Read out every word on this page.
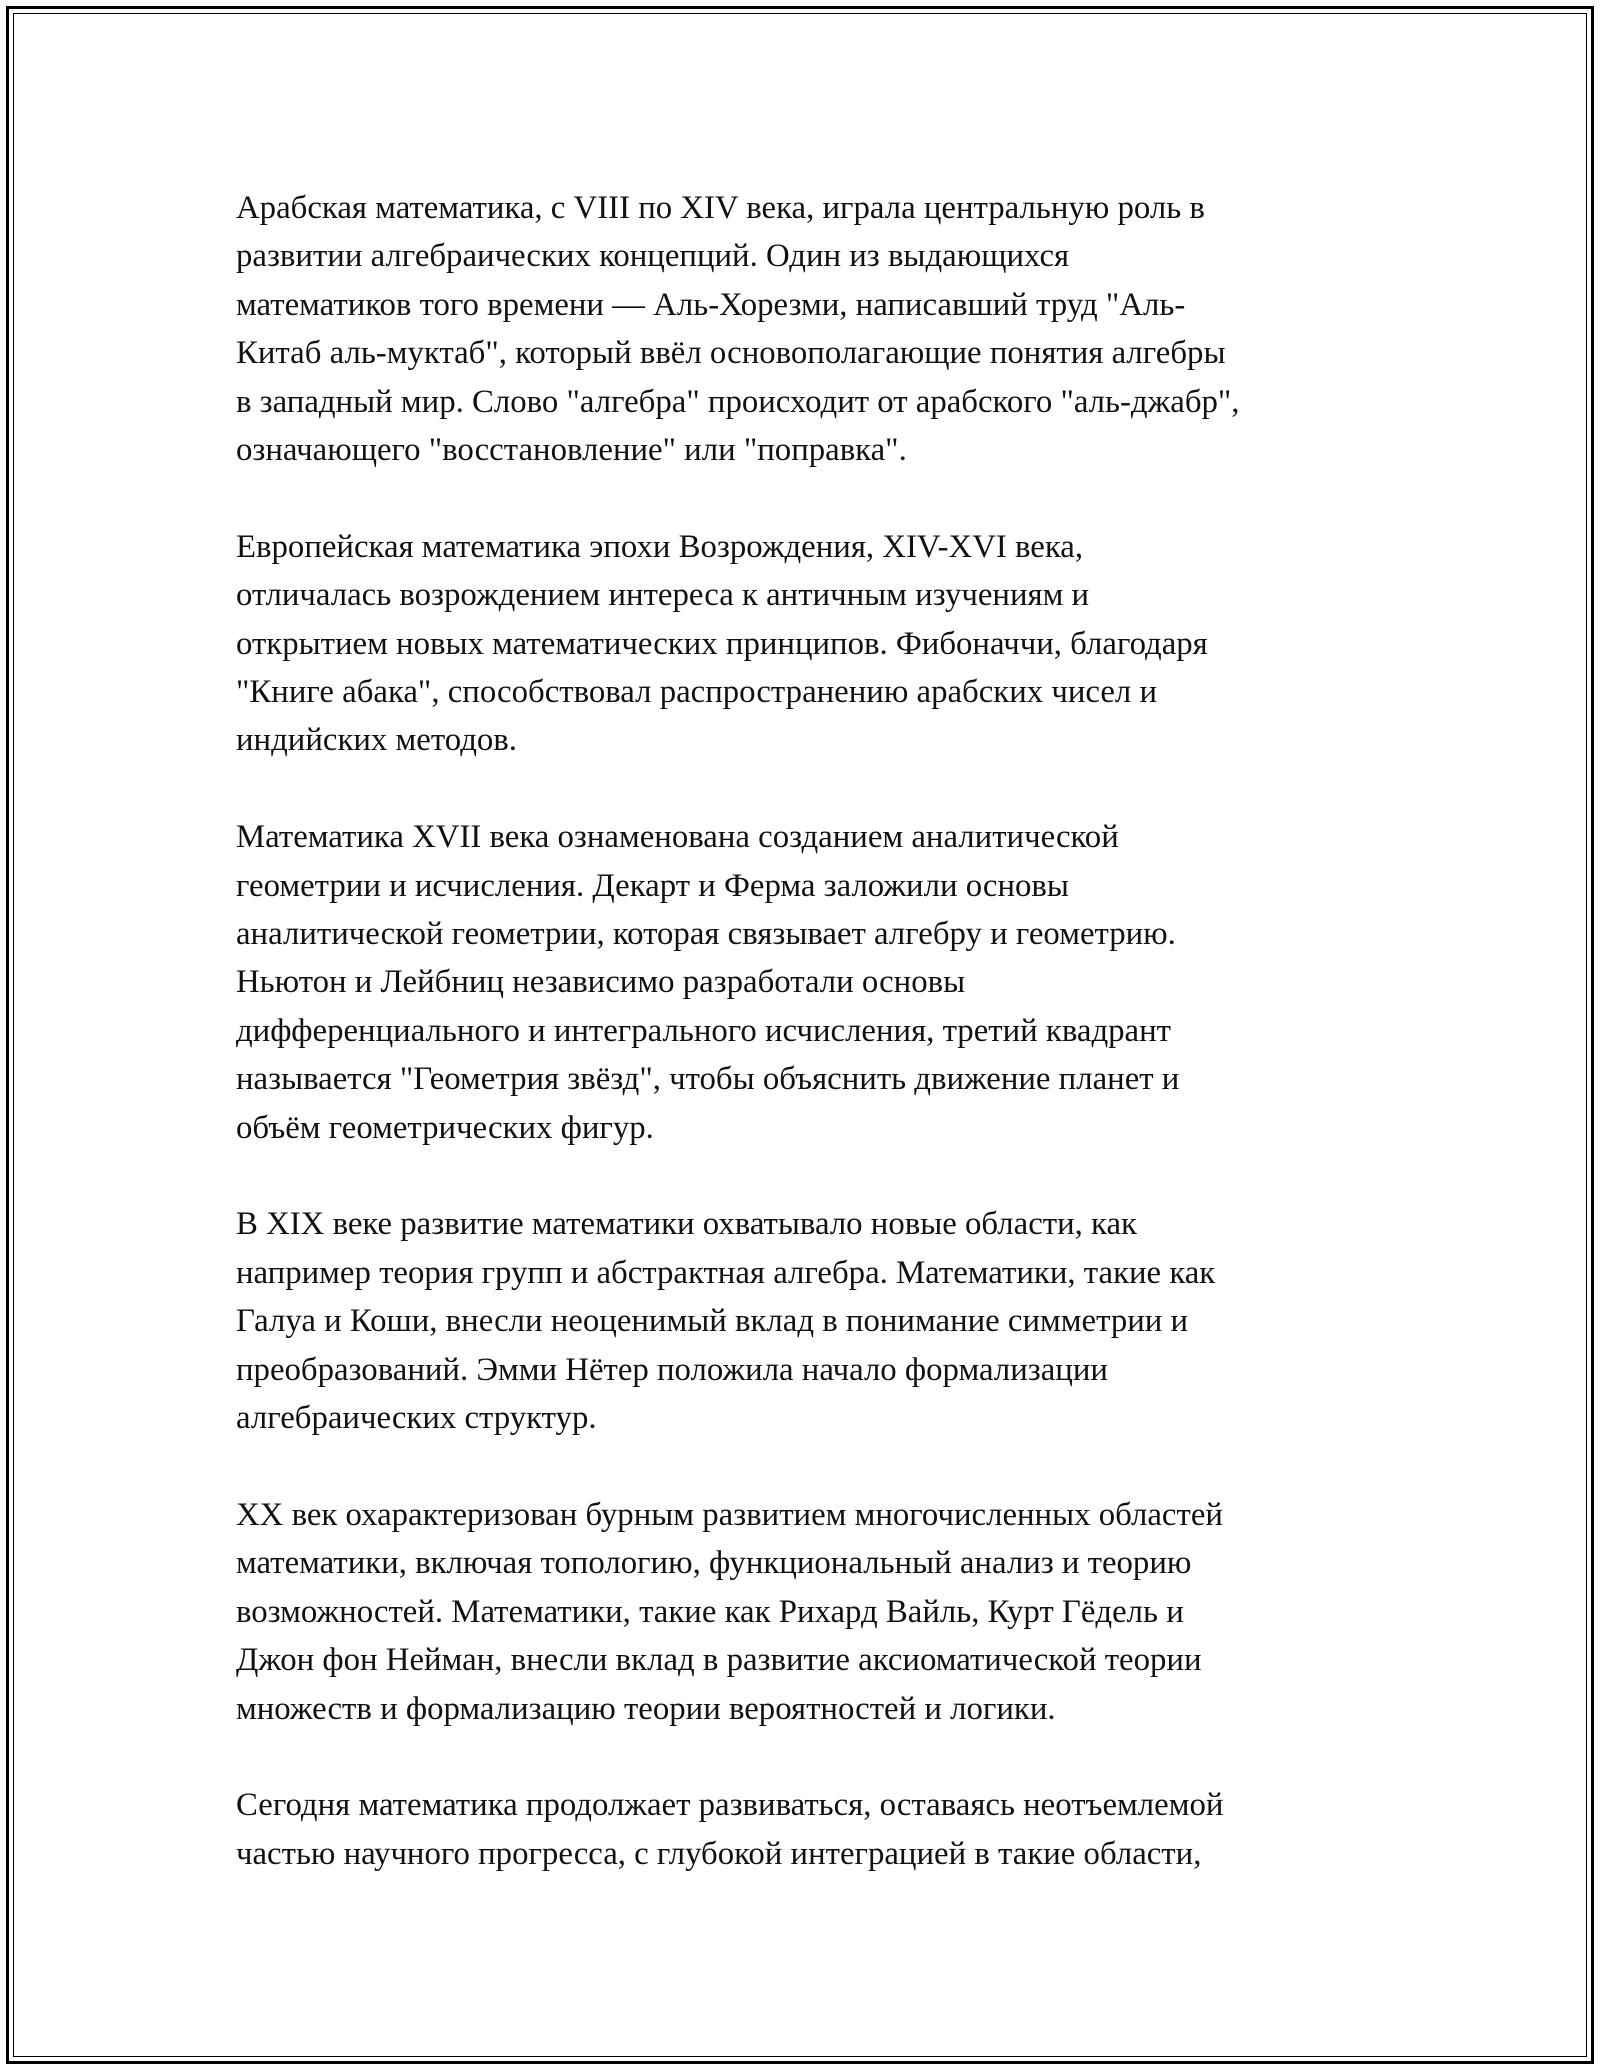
Арабская математика, с VIII по XIV века, играла центральную роль в
развитии алгебраических концепций. Один из выдающихся
математиков того времени — Аль-Хорезми, написавший труд "Аль-
Китаб аль-муктаб", который ввёл основополагающие понятия алгебры
в западный мир. Слово "алгебра" происходит от арабского "аль-джабр",
означающего "восстановление" или "поправка".

Европейская математика эпохи Возрождения, XIV-XVI века,
отличалась возрождением интереса к античным изучениям и
открытием новых математических принципов. Фибоначчи, благодаря
"Книге абака", способствовал распространению арабских чисел и
индийских методов.

Математика XVII века ознаменована созданием аналитической
геометрии и исчисления. Декарт и Ферма заложили основы
аналитической геометрии, которая связывает алгебру и геометрию.
Ньютон и Лейбниц независимо разработали основы
дифференциального и интегрального исчисления, третий квадрант
называется "Геометрия звёзд", чтобы объяснить движение планет и
объём геометрических фигур.

В XIX веке развитие математики охватывало новые области, как
например теория групп и абстрактная алгебра. Математики, такие как
Галуа и Коши, внесли неоценимый вклад в понимание симметрии и
преобразований. Эмми Нётер положила начало формализации
алгебраических структур.

XX век охарактеризован бурным развитием многочисленных областей
математики, включая топологию, функциональный анализ и теорию
возможностей. Математики, такие как Рихард Вайль, Курт Гёдель и
Джон фон Нейман, внесли вклад в развитие аксиоматической теории
множеств и формализацию теории вероятностей и логики.

Сегодня математика продолжает развиваться, оставаясь неотъемлемой
частью научного прогресса, с глубокой интеграцией в такие области,
